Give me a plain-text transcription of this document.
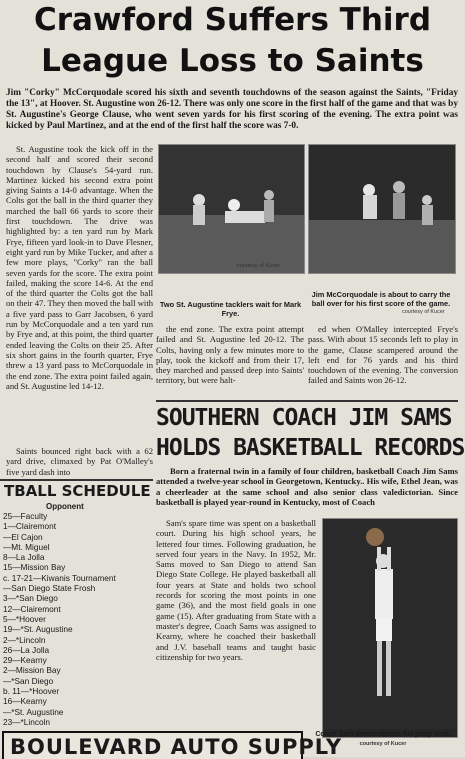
Crawford Suffers Third
League Loss to Saints

Jim "Corky" McCorquodale scored his sixth and seventh touchdowns of the season against the Saints, "Friday the 13", at Hoover. St. Augustine won 26-12. There was only one score in the first half of the game and that was by St. Augustine's George Clause, who went seven yards for his first scoring of the evening. The extra point was kicked by Paul Martinez, and at the end of the first half the score was 7-0.

St. Augustine took the kick off in the second half and scored their second touchdown by Clause's 54-yard run. Martinez kicked his second extra point giving Saints a 14-0 advantage. When the Colts got the ball in the third quarter they marched the ball 66 yards to score their first touchdown. The drive was highlighted by: a ten yard run by Mark Frye, fifteen yard look-in to Dave Flesner, eight yard run by Mike Tucker, and after a few more plays, "Corky" ran the ball seven yards for the score. The extra point failed, making the score 14-6. At the end of the third quarter the Colts got the ball on their 47. They then moved the ball with a five yard pass to Garr Jacobsen, 6 yard run by McCorquodale and a ten yard run by Frye and, at this point, the third quarter ended leaving the Colts on their 25. After six short gains in the fourth quarter, Frye threw a 13 yard pass to McCorquodale in the end zone. The extra point failed again, and St. Augustine led 14-12.

Saints bounced right back with a 62 yard drive, climaxed by Pat O'Malley's five yard dash into

courtesy of Kucer
Two St. Augustine tacklers wait for Mark Frye.
Jim McCorquodale is about to carry the ball over for his first score of the game.
courtesy of Kucer

the end zone. The extra point attempt failed and St. Augustine led 20-12. The Colts, having only a few minutes more to play, took the kickoff and from their 17, they marched and passed deep into Saints' territory, but were halt-

ed when O'Malley intercepted Frye's pass. With about 15 seconds left to play in the game, Clause scampered around the left end for 76 yards and his third touchdown of the evening. The conversion failed and Saints won 26-12.

SOUTHERN COACH JIM SAMS
HOLDS BASKETBALL RECORDS

Born a fraternal twin in a family of four children, basketball Coach Jim Sams attended a twelve-year school in Georgetown, Kentucky.. His wife, Ethel Jean, was a cheerleader at the same school and also senior class valedictorian. Since basketball is played year-round in Kentucky, most of Coach

Sam's spare time was spent on a basketball court. During his high school years, he lettered four times. Following graduation, he served four years in the Navy. In 1952, Mr. Sams moved to San Diego to attend San Diego State College. He played basketball all four years at State and holds two school records for scoring the most points in one game (36), and the most field goals in one game (15). After graduating from State with a master's degree, Coach Sams was assigned to Kearny, where he coached their basketball and J.V. baseball teams and taught basic citizenship for two years.

Coach Sam demonstrates his jump shot. courtesy of Kucer
TBALL SCHEDULE
Opponent
25—Faculty
1—Clairemont
—El Cajon
—Mt. Miguel
8—La Jolla
15—Mission Bay
c. 17-21—Kiwanis Tournament
—San Diego State Frosh
3—*San Diego
12—Clairemont
5—*Hoover
19—*St. Augustine
2—*Lincoln
26—La Jolla
29—Kearny
2—Mission Bay
—*San Diego
b. 11—*Hoover
16—Kearny
—*St. Augustine
23—*Lincoln
BOULEVARD AUTO SUPPLY
